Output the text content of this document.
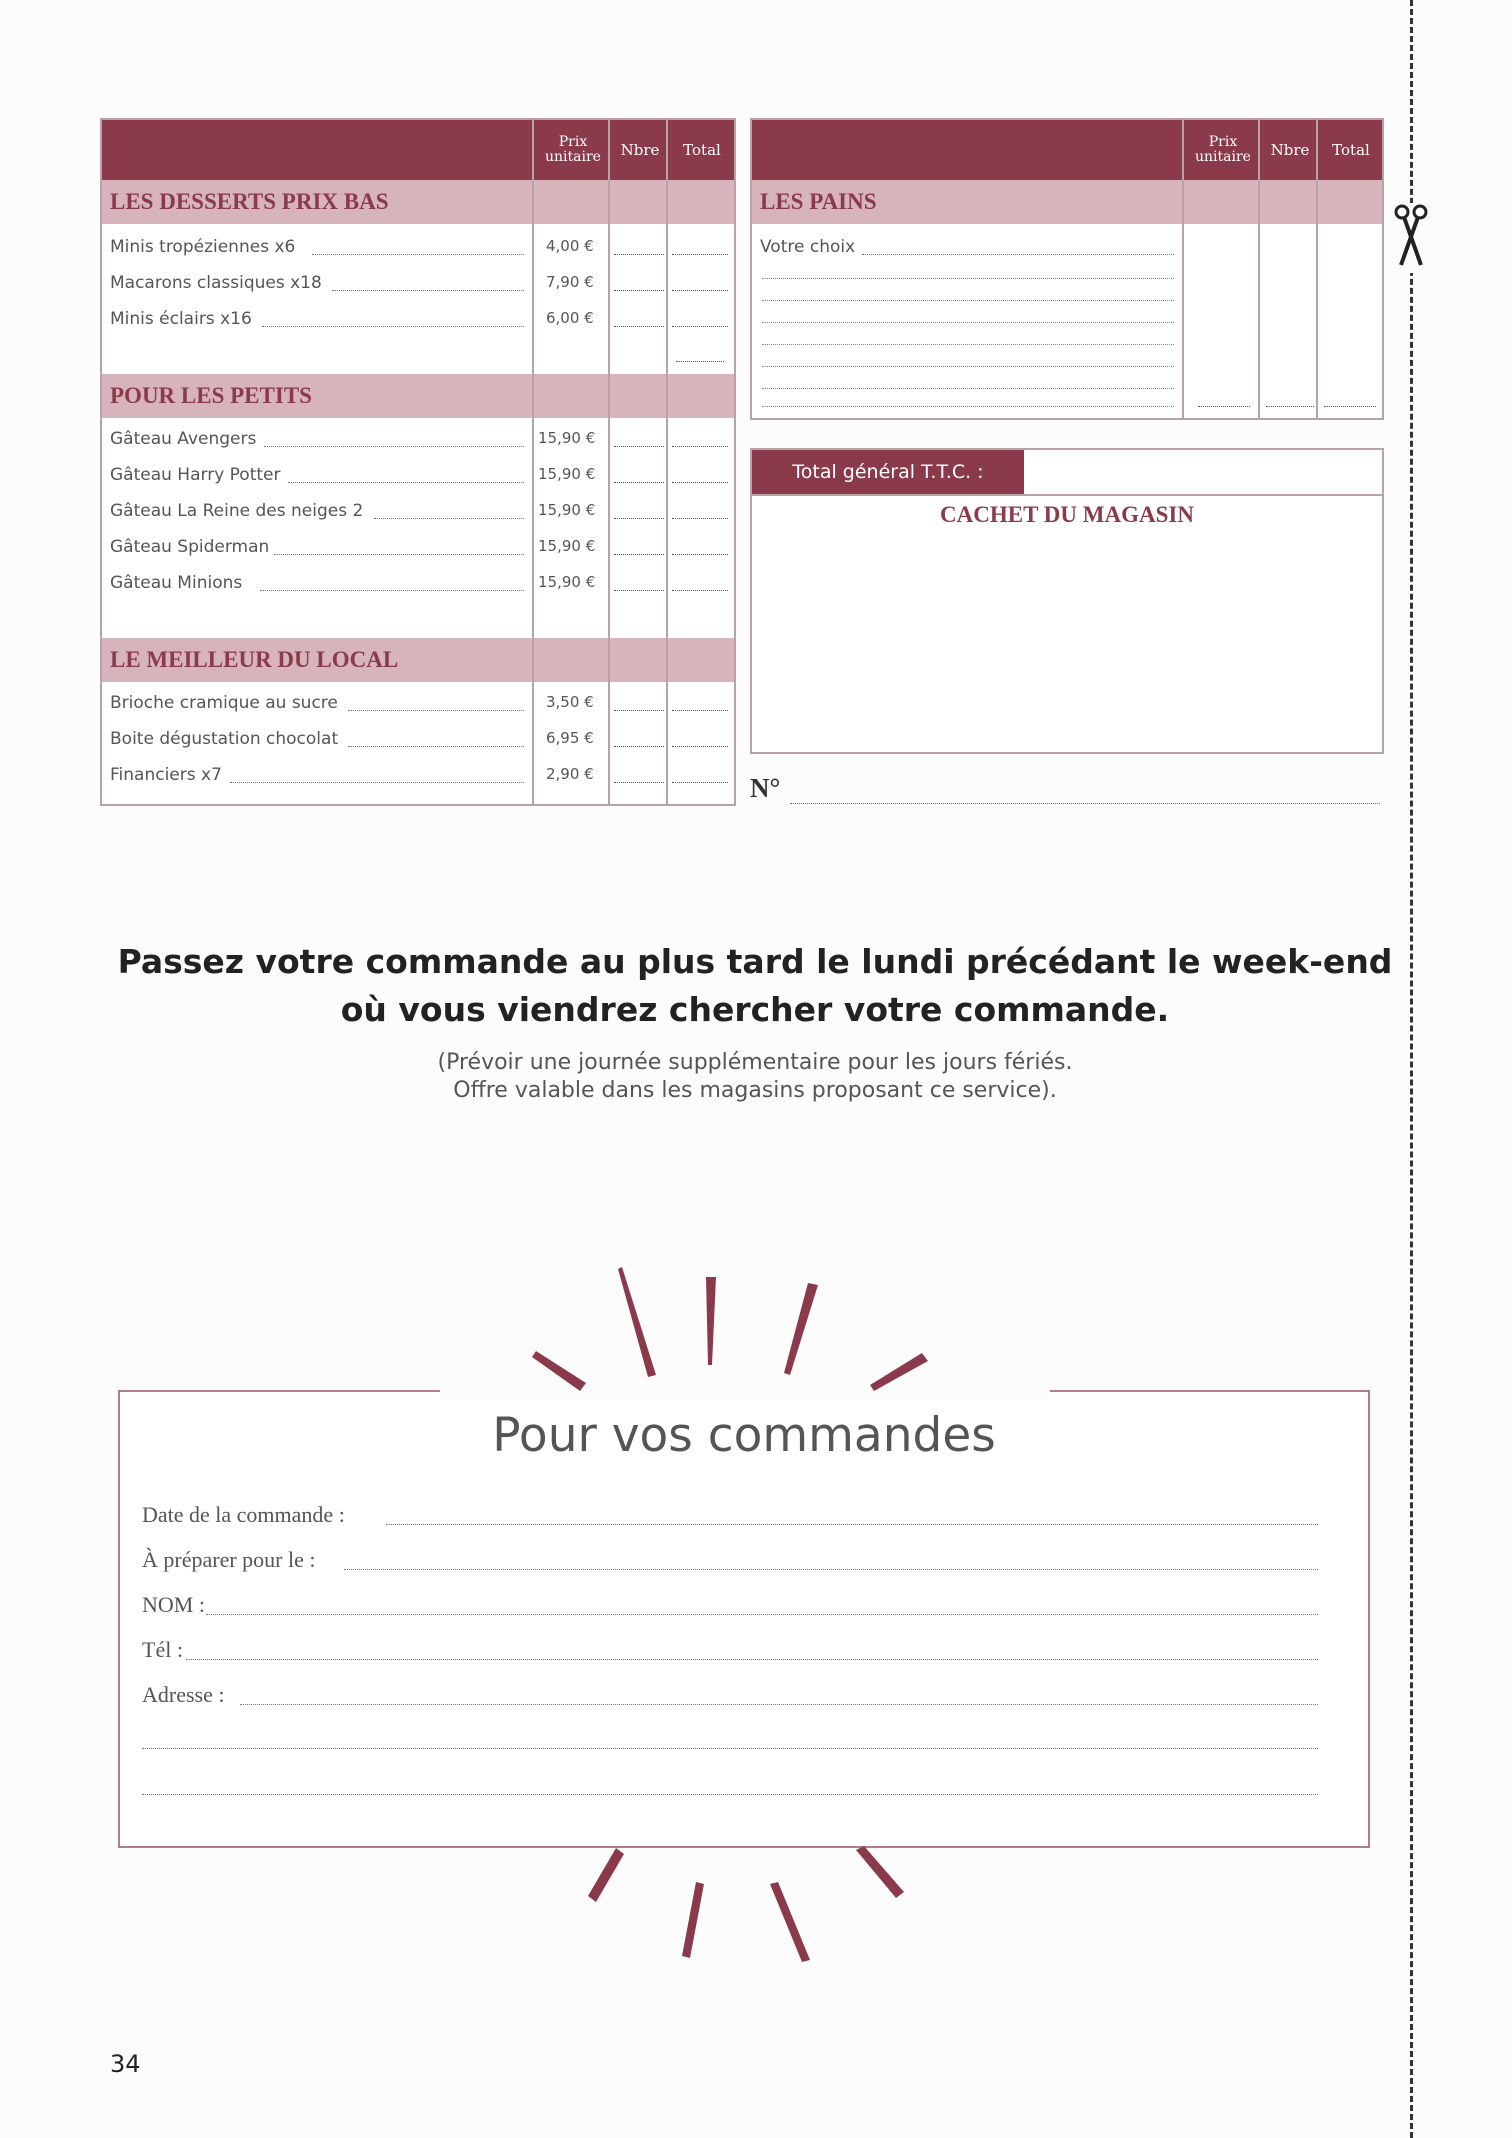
Prix unitaire	Nbre	Total
LES DESSERTS PRIX BAS
Minis tropéziennes x6	4,00 €
Macarons classiques x18	7,90 €
Minis éclairs x16	6,00 €
POUR LES PETITS
Gâteau Avengers	15,90 €
Gâteau Harry Potter	15,90 €
Gâteau La Reine des neiges 2	15,90 €
Gâteau Spiderman	15,90 €
Gâteau Minions	15,90 €
LE MEILLEUR DU LOCAL
Brioche cramique au sucre	3,50 €
Boite dégustation chocolat	6,95 €
Financiers x7	2,90 €
Prix unitaire	Nbre	Total
LES PAINS
Votre choix
Total général T.T.C. :
CACHET DU MAGASIN
N°
Passez votre commande au plus tard le lundi précédant le week-end
où vous viendrez chercher votre commande.
(Prévoir une journée supplémentaire pour les jours fériés.
Offre valable dans les magasins proposant ce service).
Pour vos commandes
Date de la commande :
À préparer pour le :
NOM :
Tél :
Adresse :
34
